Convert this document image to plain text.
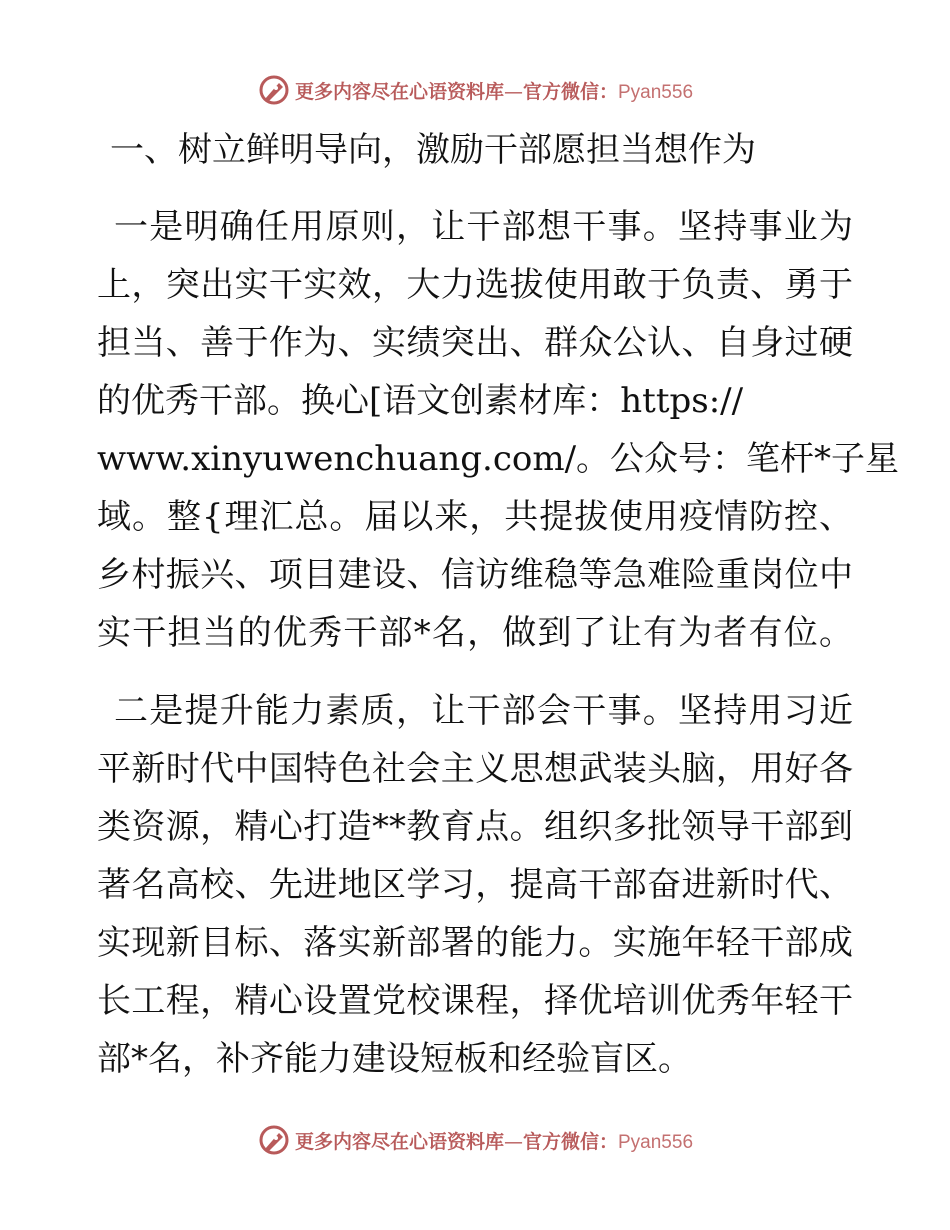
更多内容尽在心语资料库—官方微信：Pyan556
一、树立鲜明导向，激励干部愿担当想作为
一是明确任用原则，让干部想干事。坚持事业为
上，突出实干实效，大力选拔使用敢于负责、勇于
担当、善于作为、实绩突出、群众公认、自身过硬
的优秀干部。换心[语文创素材库：https://
www.xinyuwenchuang.com/。公众号：笔杆*子星
域。整{理汇总。届以来，共提拔使用疫情防控、
乡村振兴、项目建设、信访维稳等急难险重岗位中
实干担当的优秀干部*名，做到了让有为者有位。
二是提升能力素质，让干部会干事。坚持用习近
平新时代中国特色社会主义思想武装头脑，用好各
类资源，精心打造**教育点。组织多批领导干部到
著名高校、先进地区学习，提高干部奋进新时代、
实现新目标、落实新部署的能力。实施年轻干部成
长工程，精心设置党校课程，择优培训优秀年轻干
部*名，补齐能力建设短板和经验盲区。
更多内容尽在心语资料库—官方微信：Pyan556
